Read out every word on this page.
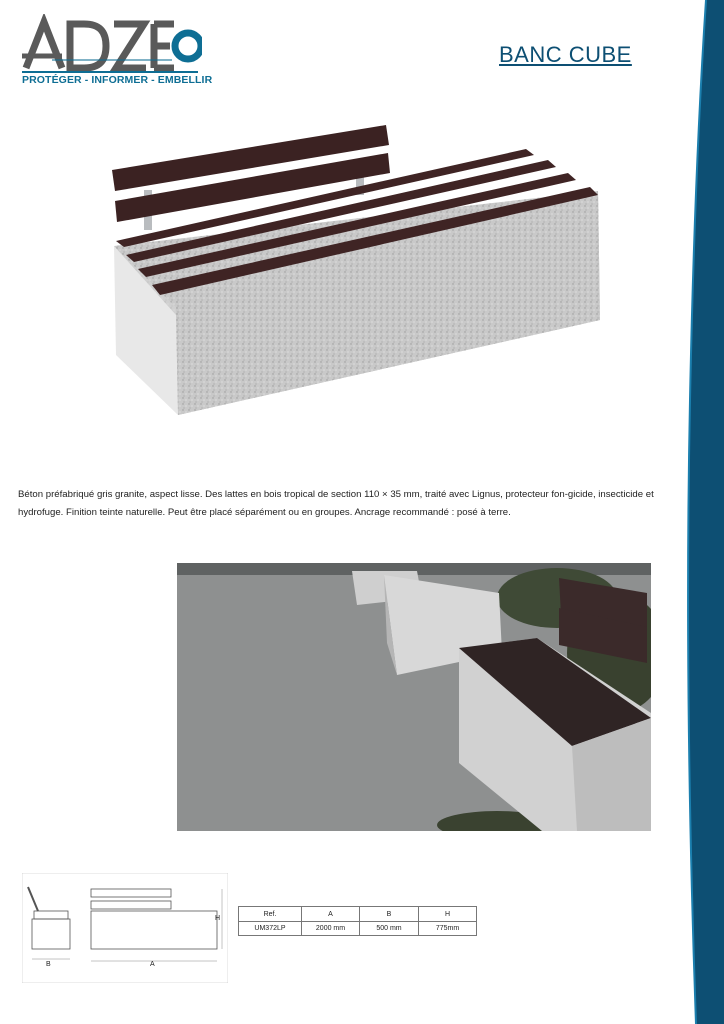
PROTÉGER - INFORMER - EMBELLIR
BANC CUBE

Béton préfabriqué gris granite, aspect lisse. Des lattes en bois tropical de section 110 × 35 mm, traité avec Lignus, protecteur fon-gicide, insecticide et hydrofuge. Finition teinte naturelle. Peut être placé séparément ou en groupes. Ancrage recommandé : posé à terre.

B	A
H
Ref.	A	B	H
UM372LP	2000 mm	500 mm	775mm
